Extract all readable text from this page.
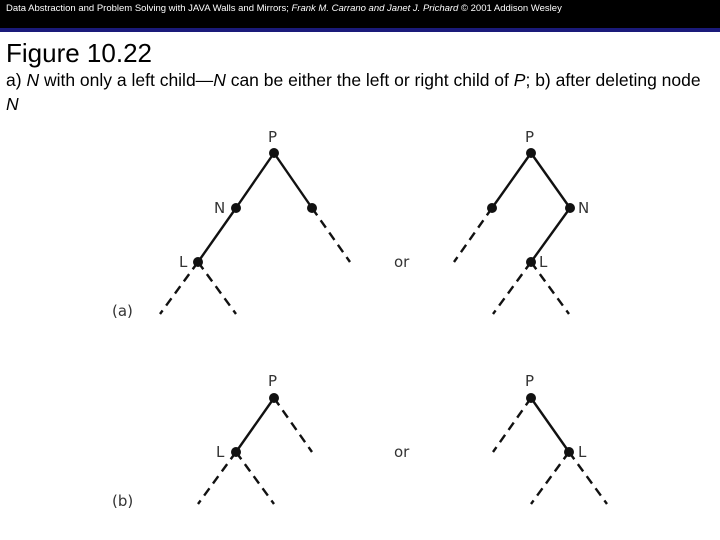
Data Abstraction and Problem Solving with JAVA Walls and Mirrors; Frank M. Carrano and Janet J. Prichard © 2001 Addison Wesley
Figure 10.22
a) N with only a left child—N can be either the left or right child of P; b) after deleting node N
P
N
L	or
P
N
L
(a)
P
L	or
P
L
(b)
